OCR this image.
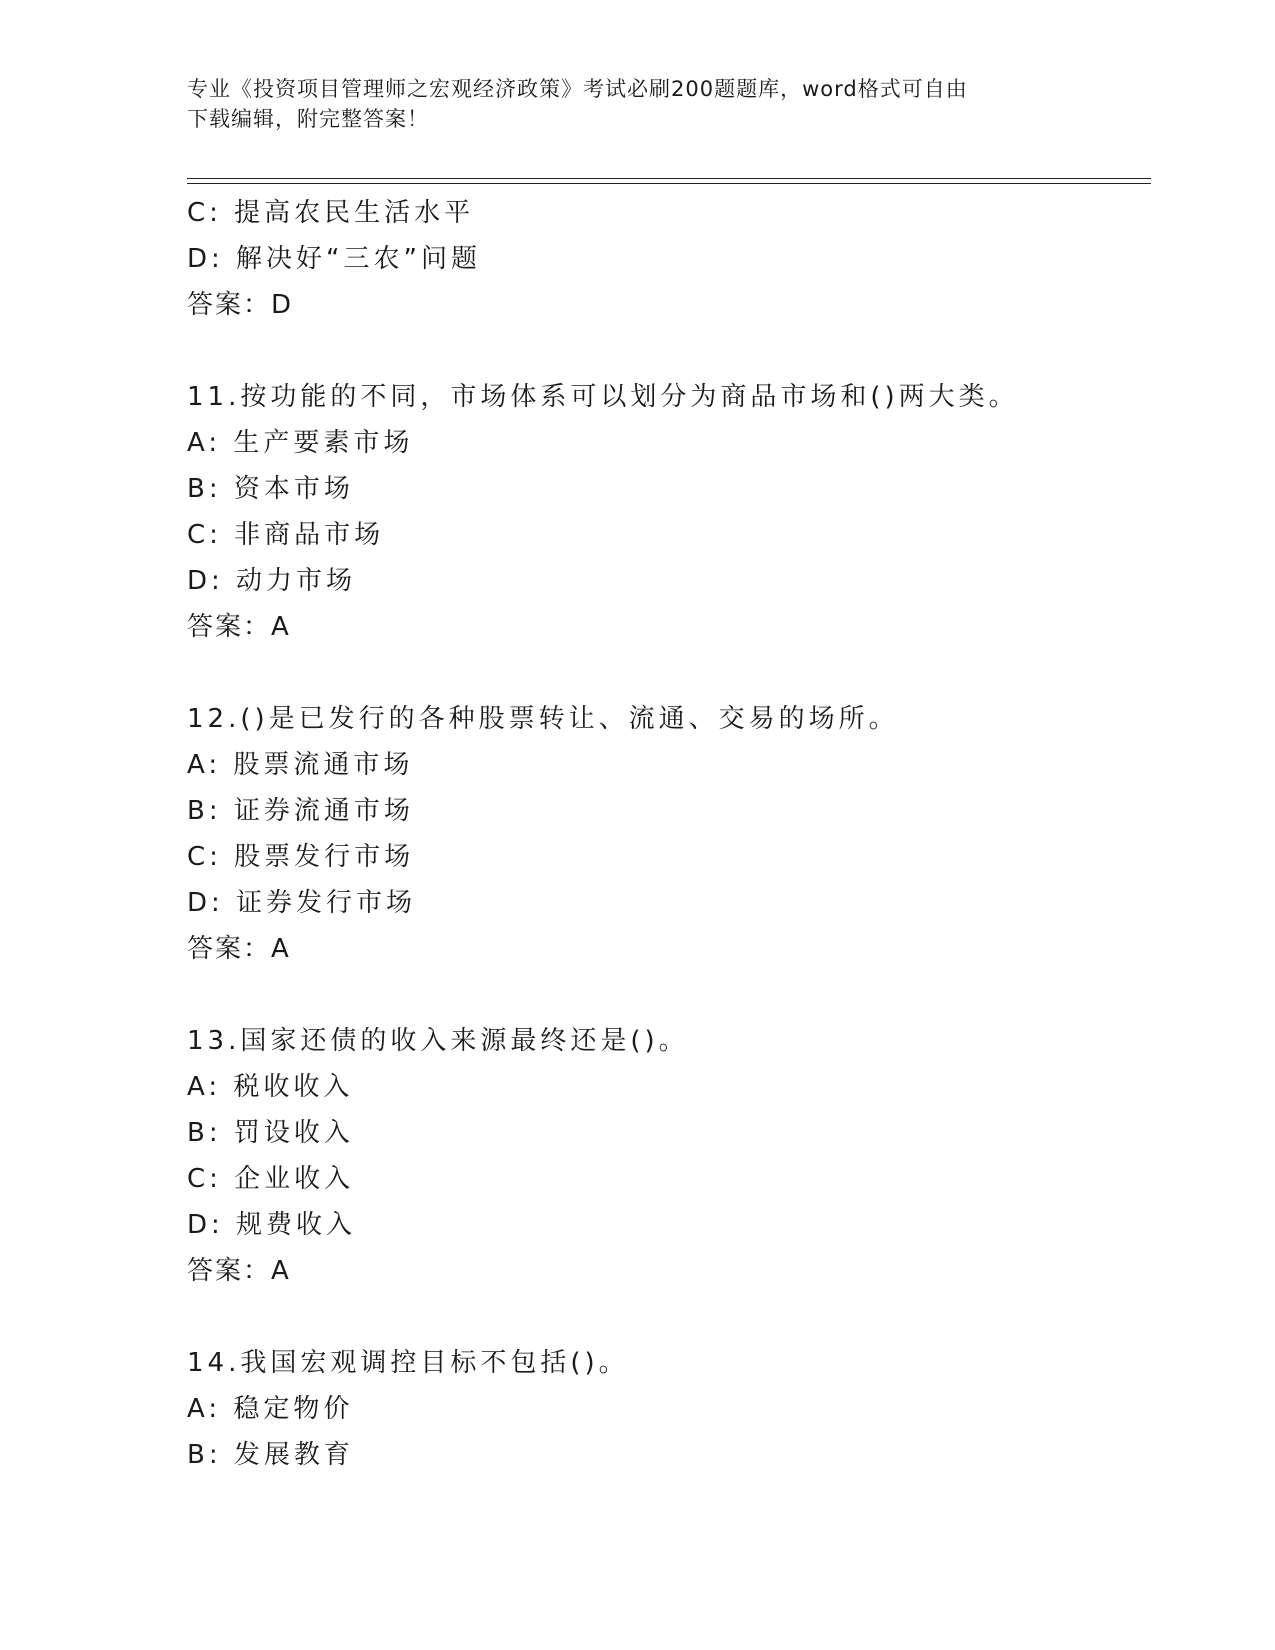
专业《投资项目管理师之宏观经济政策》考试必刷200题题库，word格式可自由
下载编辑，附完整答案！
C: 提高农民生活水平
D: 解决好“三农”问题
答案：D
11.按功能的不同，市场体系可以划分为商品市场和()两大类。
A: 生产要素市场
B: 资本市场
C: 非商品市场
D: 动力市场
答案：A
12.()是已发行的各种股票转让、流通、交易的场所。
A: 股票流通市场
B: 证券流通市场
C: 股票发行市场
D: 证券发行市场
答案：A
13.国家还债的收入来源最终还是()。
A: 税收收入
B: 罚设收入
C: 企业收入
D: 规费收入
答案：A
14.我国宏观调控目标不包括()。
A: 稳定物价
B: 发展教育
